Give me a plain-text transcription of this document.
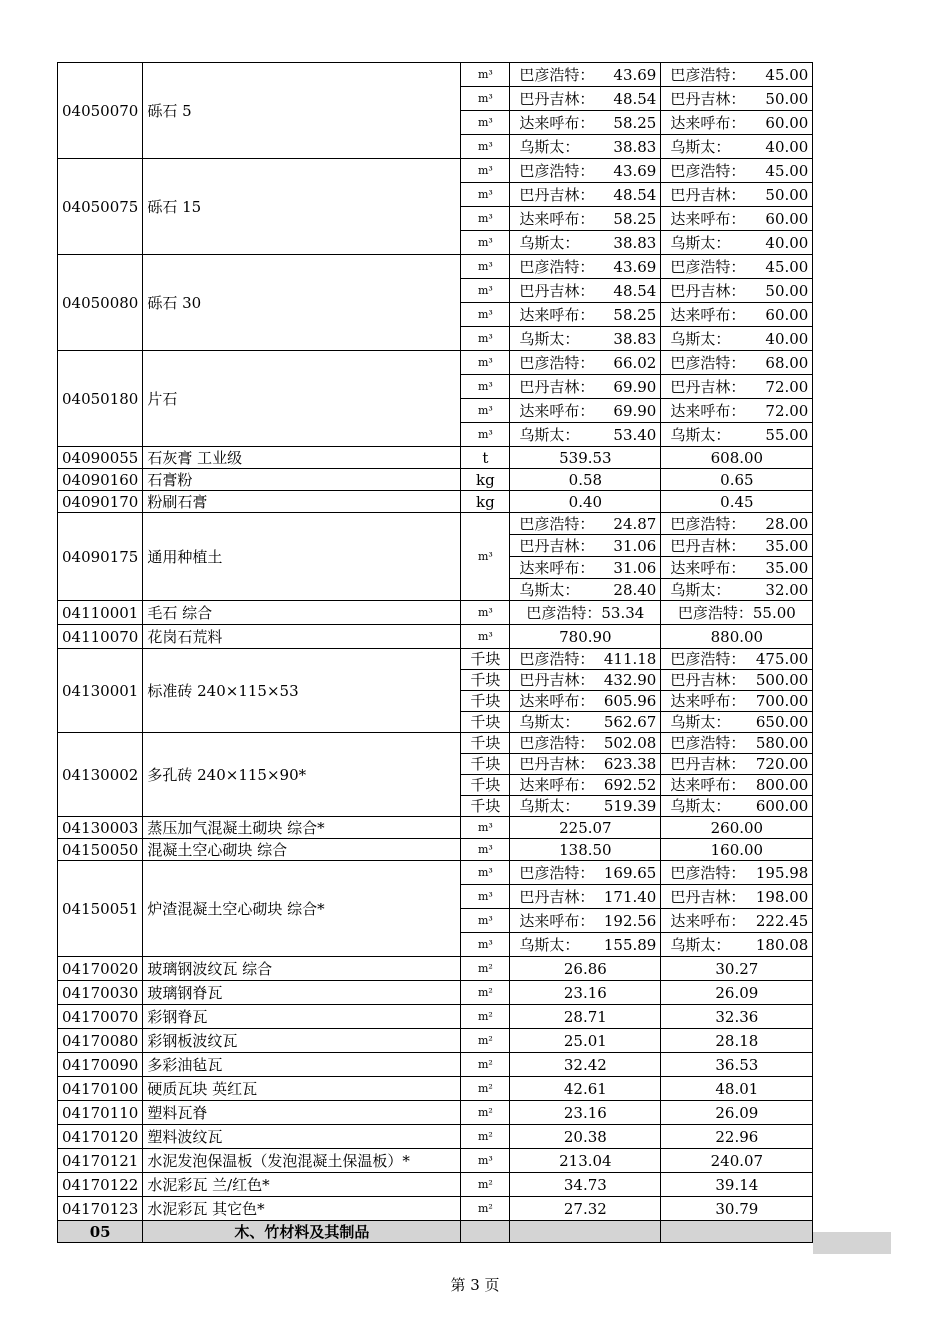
04050070	砾石 5	m³	巴彦浩特： 43.69	巴彦浩特： 45.00

		m³	巴丹吉林： 48.54	巴丹吉林： 50.00

		m³	达来呼布： 58.25	达来呼布： 60.00

		m³	乌斯太： 38.83	乌斯太： 40.00

04050075	砾石 15	m³	巴彦浩特： 43.69	巴彦浩特： 45.00

		m³	巴丹吉林： 48.54	巴丹吉林： 50.00

		m³	达来呼布： 58.25	达来呼布： 60.00

		m³	乌斯太： 38.83	乌斯太： 40.00

04050080	砾石 30	m³	巴彦浩特： 43.69	巴彦浩特： 45.00

		m³	巴丹吉林： 48.54	巴丹吉林： 50.00

		m³	达来呼布： 58.25	达来呼布： 60.00

		m³	乌斯太： 38.83	乌斯太： 40.00

04050180	片石	m³	巴彦浩特： 66.02	巴彦浩特： 68.00

		m³	巴丹吉林： 69.90	巴丹吉林： 72.00

		m³	达来呼布： 69.90	达来呼布： 72.00

		m³	乌斯太： 53.40	乌斯太： 55.00

04090055	石灰膏 工业级	t	539.53	608.00
04090160	石膏粉	kg	0.58	0.65
04090170	粉刷石膏	kg	0.40	0.45
04090175	通用种植土	m³	巴彦浩特： 24.87	巴彦浩特： 28.00

			巴丹吉林： 31.06	巴丹吉林： 35.00

			达来呼布： 31.06	达来呼布： 35.00

			乌斯太： 28.40	乌斯太： 32.00

04110001	毛石 综合	m³	巴彦浩特：53.34	巴彦浩特：55.00
04110070	花岗石荒料	m³	780.90	880.00
04130001	标准砖 240×115×53	千块	巴彦浩特： 411.18	巴彦浩特： 475.00

		千块	巴丹吉林： 432.90	巴丹吉林： 500.00

		千块	达来呼布： 605.96	达来呼布： 700.00

		千块	乌斯太： 562.67	乌斯太： 650.00

04130002	多孔砖 240×115×90*	千块	巴彦浩特： 502.08	巴彦浩特： 580.00

		千块	巴丹吉林： 623.38	巴丹吉林： 720.00

		千块	达来呼布： 692.52	达来呼布： 800.00

		千块	乌斯太： 519.39	乌斯太： 600.00

04130003	蒸压加气混凝土砌块 综合*	m³	225.07	260.00
04150050	混凝土空心砌块 综合	m³	138.50	160.00
04150051	炉渣混凝土空心砌块 综合*	m³	巴彦浩特： 169.65	巴彦浩特： 195.98

		m³	巴丹吉林： 171.40	巴丹吉林： 198.00

		m³	达来呼布： 192.56	达来呼布： 222.45

		m³	乌斯太： 155.89	乌斯太： 180.08

04170020	玻璃钢波纹瓦 综合	m²	26.86	30.27
04170030	玻璃钢脊瓦	m²	23.16	26.09
04170070	彩钢脊瓦	m²	28.71	32.36
04170080	彩钢板波纹瓦	m²	25.01	28.18
04170090	多彩油毡瓦	m²	32.42	36.53
04170100	硬质瓦块 英红瓦	m²	42.61	48.01
04170110	塑料瓦脊	m²	23.16	26.09
04170120	塑料波纹瓦	m²	20.38	22.96
04170121	水泥发泡保温板（发泡混凝土保温板）*	m³	213.04	240.07
04170122	水泥彩瓦 兰/红色*	m²	34.73	39.14
04170123	水泥彩瓦 其它色*	m²	27.32	30.79
05	木、竹材料及其制品			
第 3 页
